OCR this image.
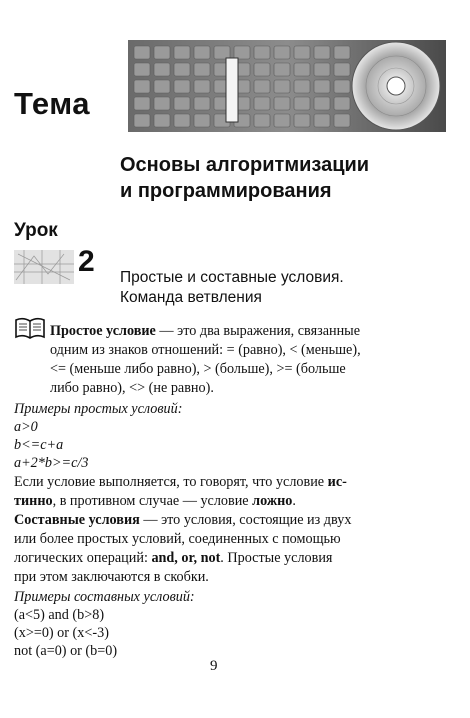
Тема
Основы алгоритмизации
и программирования
Урок
2 Простые и составные условия.
Команда ветвления
Простое условие — это два выражения, связанные
одним из знаков отношений: = (равно), < (меньше),
<= (меньше либо равно), > (больше), >= (больше
либо равно), <> (не равно).
Примеры простых условий:
a>0
b<=c+a
a+2*b>=c/3
Если условие выполняется, то говорят, что условие ис-
тинно, в противном случае — условие ложно.
Составные условия — это условия, состоящие из двух
или более простых условий, соединенных с помощью
логических операций: and, or, not. Простые условия
при этом заключаются в скобки.
Примеры составных условий:
(a<5) and (b>8)
(x>=0) or (x<-3)
not (a=0) or (b=0)
9
